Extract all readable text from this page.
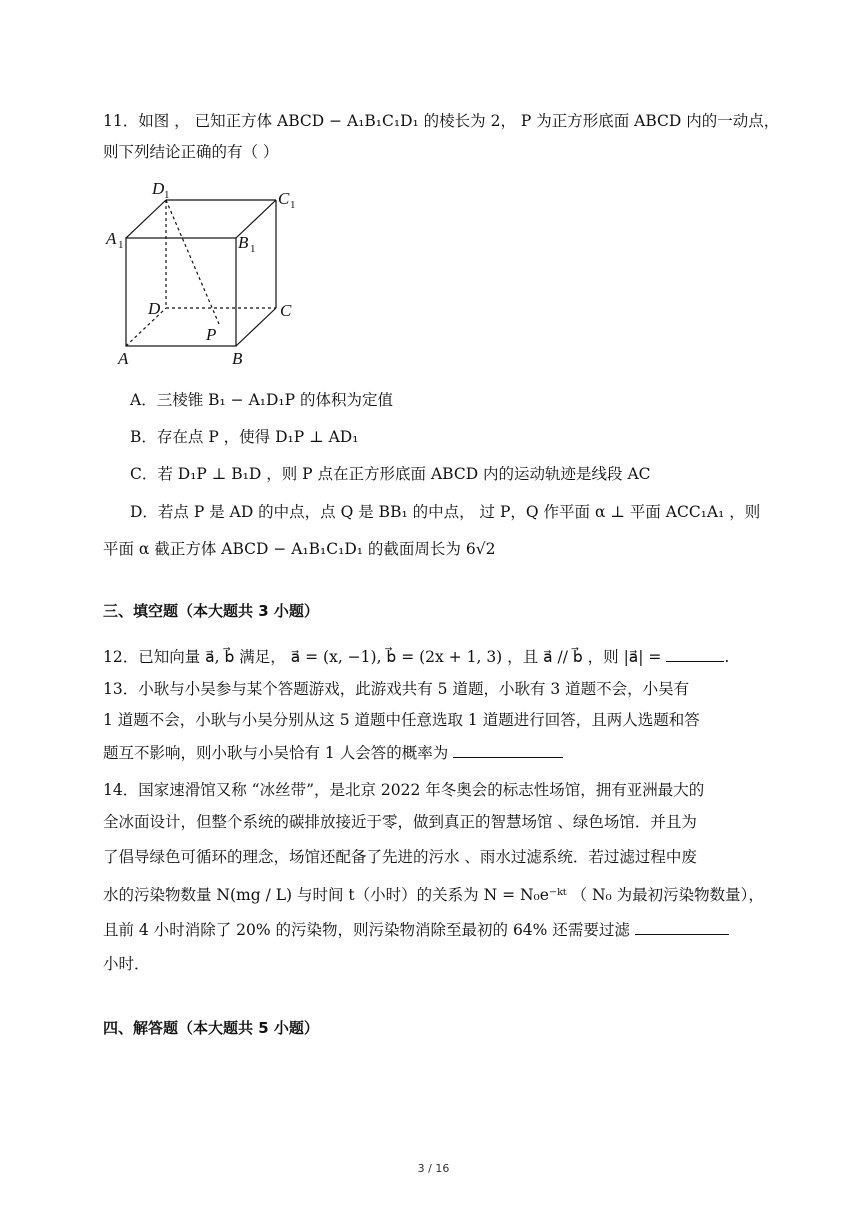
11．如图 ， 已知正方体 ABCD − A₁B₁C₁D₁ 的棱长为 2， P 为正方形底面 ABCD 内的一动点，
则下列结论正确的有（ ）
D 1	C 1
A 1	B 1
D	C
P
A	B
A．三棱锥 B₁ − A₁D₁P 的体积为定值
B．存在点 P ，使得 D₁P ⊥ AD₁
C．若 D₁P ⊥ B₁D ，则 P 点在正方形底面 ABCD 内的运动轨迹是线段 AC
D．若点 P 是 AD 的中点，点 Q 是 BB₁ 的中点， 过 P，Q 作平面 α ⊥ 平面 ACC₁A₁ ，则
平面 α 截正方体 ABCD − A₁B₁C₁D₁ 的截面周长为 6√2
三、填空题（本大题共 3 小题）
12．已知向量 a⃗, b⃗ 满足， a⃗ = (x, −1), b⃗ = (2x + 1, 3) ，且 a⃗ // b⃗ ，则 |a⃗| =	.
13．小耿与小吴参与某个答题游戏，此游戏共有 5 道题，小耿有 3 道题不会，小吴有
1 道题不会，小耿与小吴分别从这 5 道题中任意选取 1 道题进行回答，且两人选题和答
题互不影响，则小耿与小吴恰有 1 人会答的概率为
14．国家速滑馆又称 “冰丝带”，是北京 2022 年冬奥会的标志性场馆，拥有亚洲最大的
全冰面设计，但整个系统的碳排放接近于零，做到真正的智慧场馆 、绿色场馆．并且为
了倡导绿色可循环的理念，场馆还配备了先进的污水 、雨水过滤系统．若过滤过程中废
水的污染物数量 N(mg / L) 与时间 t（小时）的关系为 N = N₀e⁻ᵏᵗ （ N₀ 为最初污染物数量），
且前 4 小时消除了 20% 的污染物，则污染物消除至最初的 64% 还需要过滤
小时．
四、解答题（本大题共 5 小题）
3 / 16
